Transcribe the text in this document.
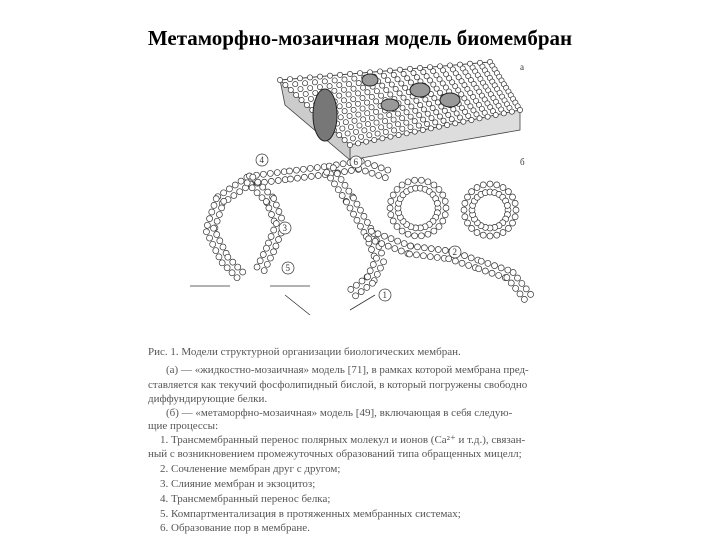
Метаморфно-мозаичная модель биомембран
а
б
1
2
3
4
5
6
Рис. 1. Модели структурной организации биологических мембран.
(а) — «жидкостно-мозаичная» модель [71], в рамках которой мембрана пред-
ставляется как текучий фосфолипидный бислой, в который погружены свободно
диффундирующие белки.
(б) — «метаморфно-мозаичная» модель [49], включающая в себя следую-
щие процессы:
1. Трансмембранный перенос полярных молекул и ионов (Ca²⁺ и т.д.), связан-
ный с возникновением промежуточных образований типа обращенных мицелл;
2. Сочленение мембран друг с другом;
3. Слияние мембран и экзоцитоз;
4. Трансмембранный перенос белка;
5. Компартментализация в протяженных мембранных системах;
6. Образование пор в мембране.
